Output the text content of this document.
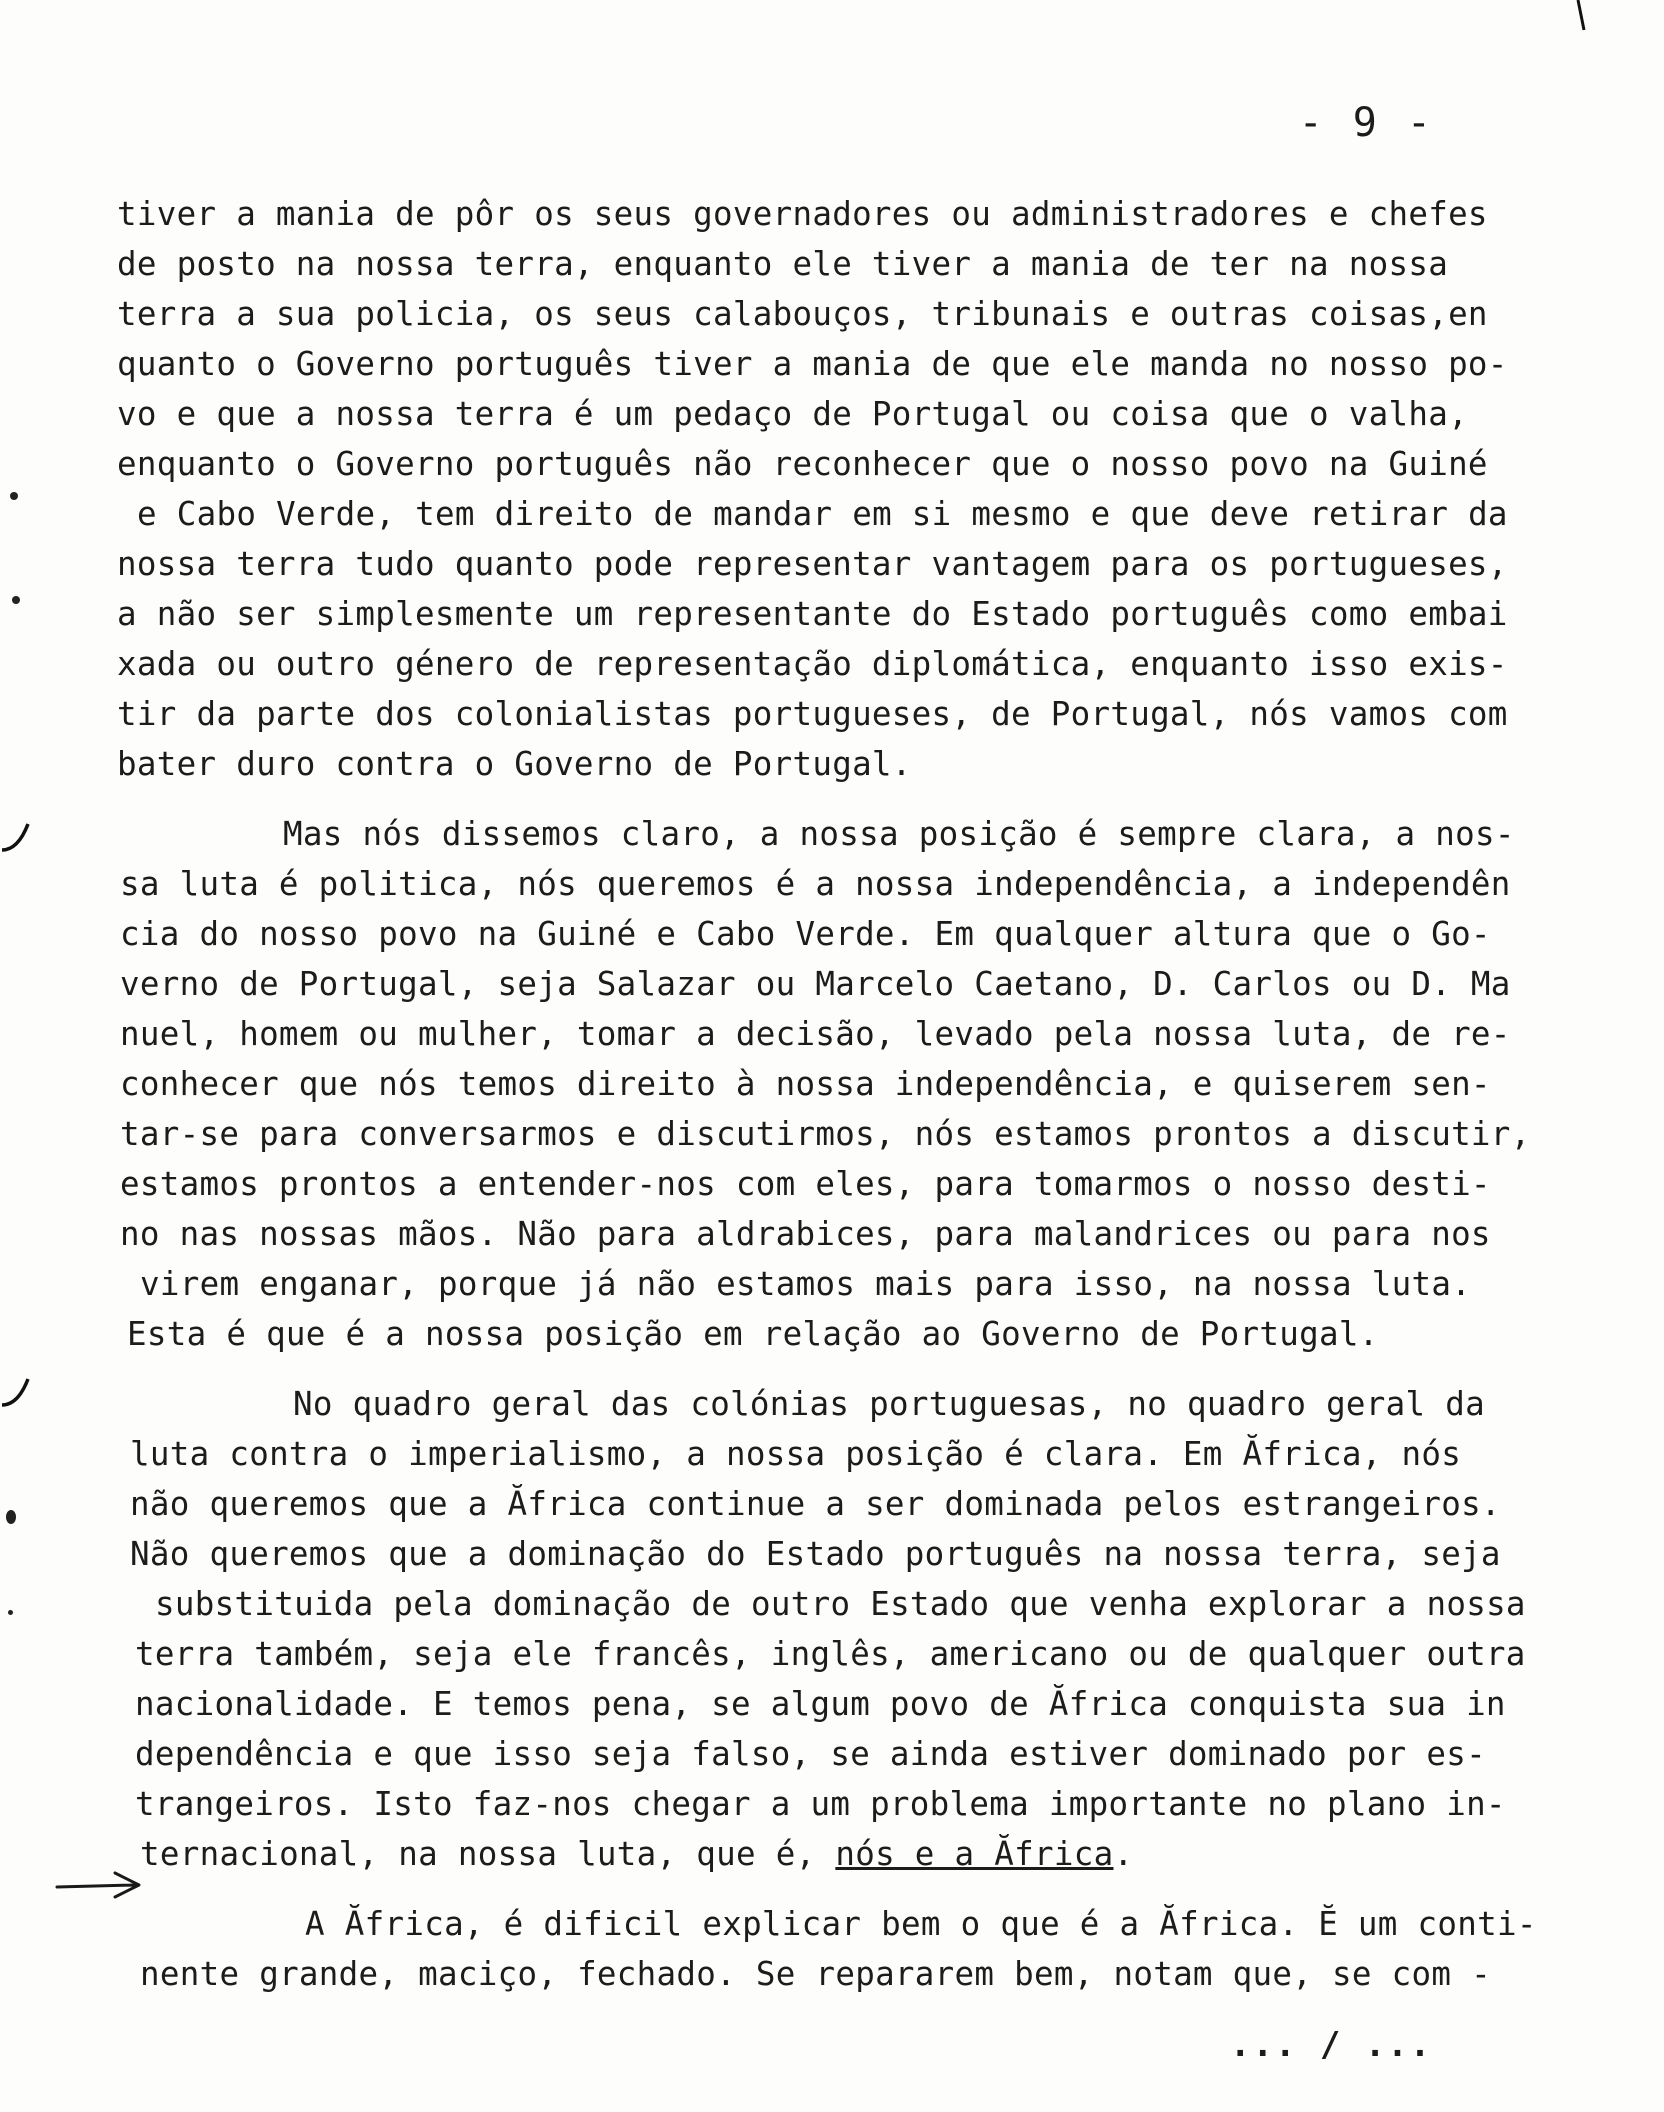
- 9 -
tiver a mania de pôr os seus governadores ou administradores e chefes
de posto na nossa terra, enquanto ele tiver a mania de ter na nossa
terra a sua policia, os seus calabouços, tribunais e outras coisas,en
quanto o Governo português tiver a mania de que ele manda no nosso po-
vo e que a nossa terra é um pedaço de Portugal ou coisa que o valha,
enquanto o Governo português não reconhecer que o nosso povo na Guiné
e Cabo Verde, tem direito de mandar em si mesmo e que deve retirar da
nossa terra tudo quanto pode representar vantagem para os portugueses,
a não ser simplesmente um representante do Estado português como embai
xada ou outro género de representação diplomática, enquanto isso exis-
tir da parte dos colonialistas portugueses, de Portugal, nós vamos com
bater duro contra o Governo de Portugal.
Mas nós dissemos claro, a nossa posição é sempre clara, a nos-
sa luta é politica, nós queremos é a nossa independência, a independên
cia do nosso povo na Guiné e Cabo Verde. Em qualquer altura que o Go-
verno de Portugal, seja Salazar ou Marcelo Caetano, D. Carlos ou D. Ma
nuel, homem ou mulher, tomar a decisão, levado pela nossa luta, de re-
conhecer que nós temos direito à nossa independência, e quiserem sen-
tar-se para conversarmos e discutirmos, nós estamos prontos a discutir,
estamos prontos a entender-nos com eles, para tomarmos o nosso desti-
no nas nossas mãos. Não para aldrabices, para malandrices ou para nos
virem enganar, porque já não estamos mais para isso, na nossa luta.
Esta é que é a nossa posição em relação ao Governo de Portugal.
No quadro geral das colónias portuguesas, no quadro geral da
luta contra o imperialismo, a nossa posição é clara. Em Ăfrica, nós
não queremos que a Ăfrica continue a ser dominada pelos estrangeiros.
Não queremos que a dominação do Estado português na nossa terra, seja
substituida pela dominação de outro Estado que venha explorar a nossa
terra também, seja ele francês, inglês, americano ou de qualquer outra
nacionalidade. E temos pena, se algum povo de Ăfrica conquista sua in
dependência e que isso seja falso, se ainda estiver dominado por es-
trangeiros. Isto faz-nos chegar a um problema importante no plano in-
ternacional, na nossa luta, que é, nós e a Ăfrica.
A Ăfrica, é dificil explicar bem o que é a Ăfrica. Ĕ um conti-
nente grande, maciço, fechado. Se repararem bem, notam que, se com -
... / ...
